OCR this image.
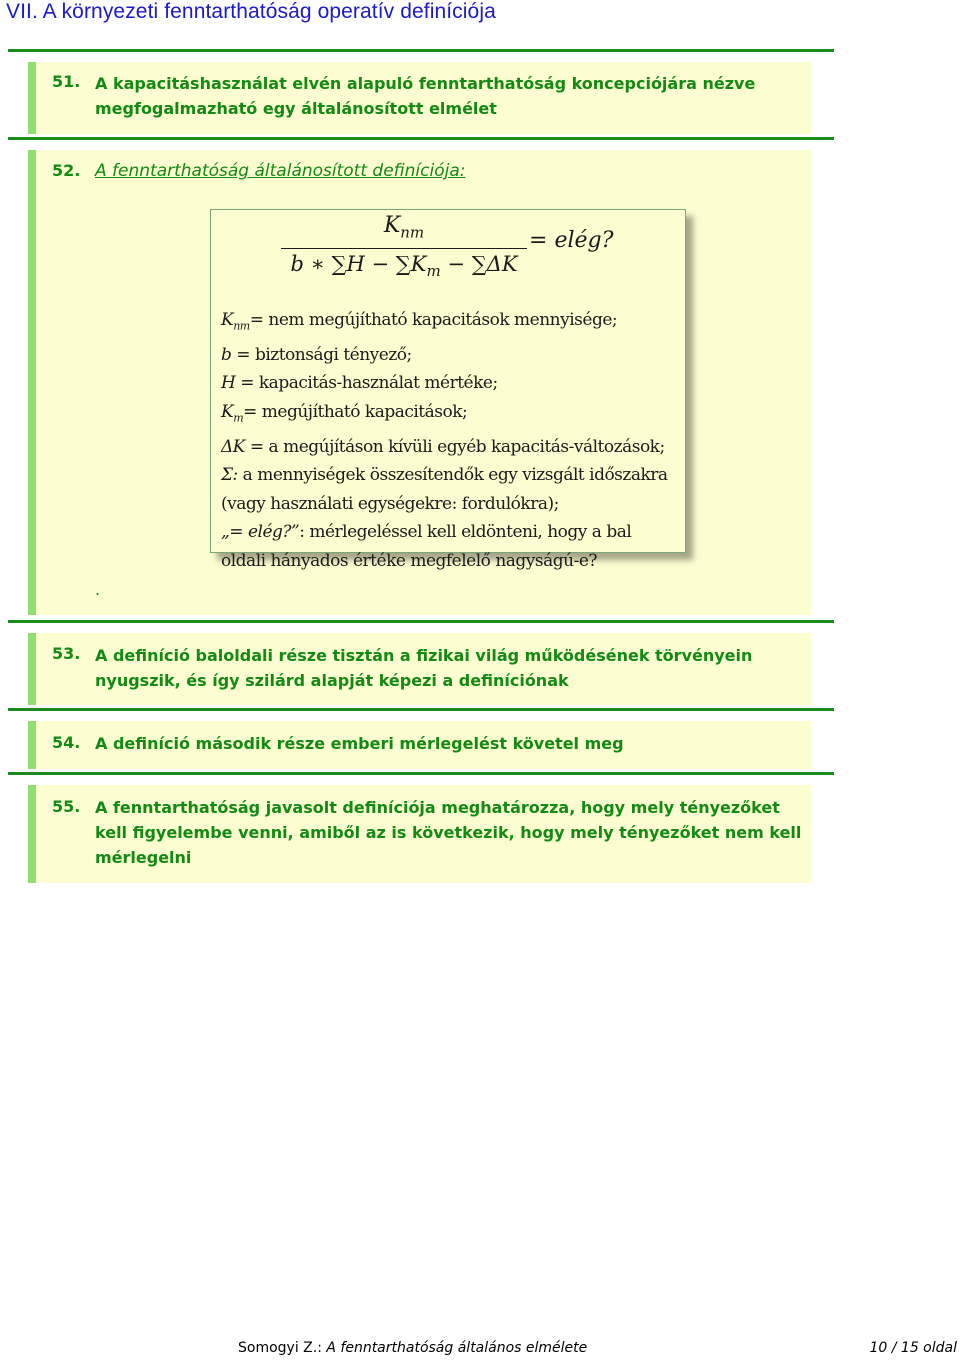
VII. A környezeti fenntarthatóság operatív definíciója
51. A kapacitáshasználat elvén alapuló fenntarthatóság koncepciójára nézve megfogalmazható egy általánosított elmélet
52. A fenntarthatóság általánosított definíciója:
.
$K_{nm}$
b ∗ $\sum H - \sum K_m - \sum\Delta K$
= elég?
$K_{nm}=$ nem megújítható kapacitások mennyisége;
b = biztonsági tényező;
H = kapacitás-használat mértéke;
$K_m=$ megújítható kapacitások;
ΔK = a megújításon kívüli egyéb kapacitás-változások;
Σ: a mennyiségek összesítendők egy vizsgált időszakra
(vagy használati egységekre: fordulókra);
„= elég?”: mérlegeléssel kell eldönteni, hogy a bal
oldali hányados értéke megfelelő nagyságú-e?
53. A definíció baloldali része tisztán a fizikai világ működésének törvényein nyugszik, és így szilárd alapját képezi a definíciónak
54. A definíció második része emberi mérlegelést követel meg
55. A fenntarthatóság javasolt definíciója meghatározza, hogy mely tényezőket kell figyelembe venni, amiből az is következik, hogy mely tényezőket nem kell mérlegelni
Somogyi Z.: A fenntarthatóság általános elmélete	10 / 15 oldal
